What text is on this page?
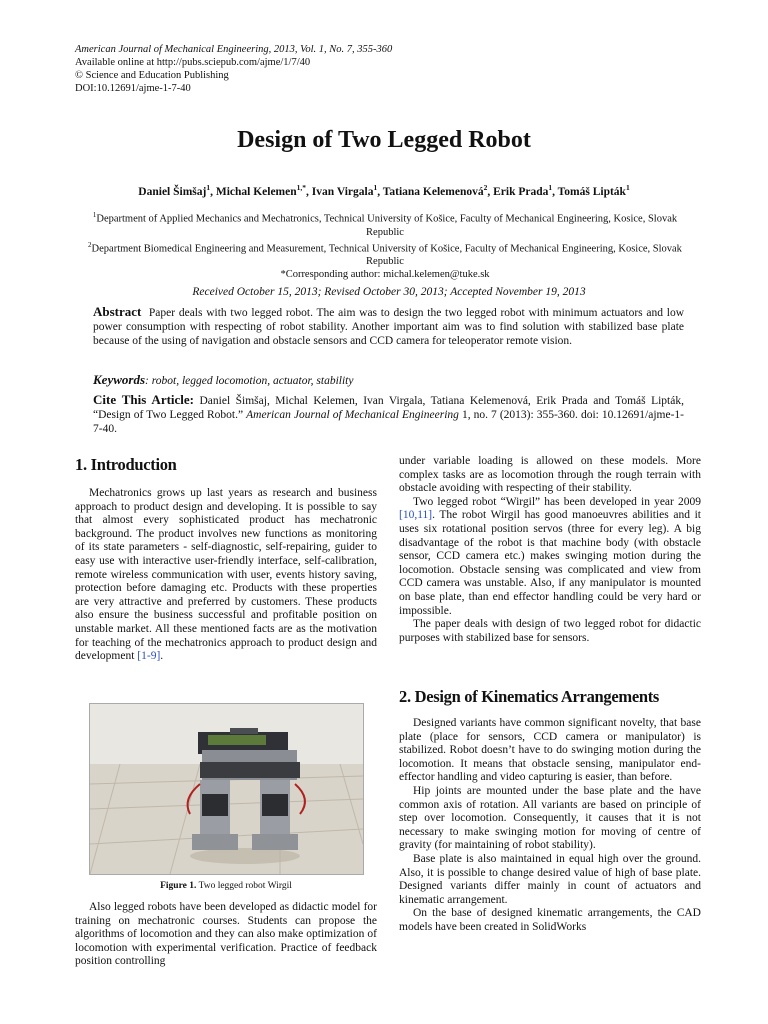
American Journal of Mechanical Engineering, 2013, Vol. 1, No. 7, 355-360
Available online at http://pubs.sciepub.com/ajme/1/7/40
© Science and Education Publishing
DOI:10.12691/ajme-1-7-40
Design of Two Legged Robot
Daniel Šimšaj$^1$, Michal Kelemen$^{1,*}$, Ivan Virgala$^1$, Tatiana Kelemenová$^2$, Erik Prada$^1$, Tomáš Lipták$^1$
$^1$Department of Applied Mechanics and Mechatronics, Technical University of Košice, Faculty of Mechanical Engineering, Kosice, Slovak Republic
$^2$Department Biomedical Engineering and Measurement, Technical University of Košice, Faculty of Mechanical Engineering, Kosice, Slovak Republic
*Corresponding author: michal.kelemen@tuke.sk
Received October 15, 2013; Revised October 30, 2013; Accepted November 19, 2013
Abstract Paper deals with two legged robot. The aim was to design the two legged robot with minimum actuators and low power consumption with respecting of robot stability. Another important aim was to find solution with stabilized base plate because of the using of navigation and obstacle sensors and CCD camera for teleoperator remote vision.
Keywords: robot, legged locomotion, actuator, stability
Cite This Article: Daniel Šimšaj, Michal Kelemen, Ivan Virgala, Tatiana Kelemenová, Erik Prada and Tomáš Lipták, “Design of Two Legged Robot.” American Journal of Mechanical Engineering 1, no. 7 (2013): 355-360. doi: 10.12691/ajme-1-7-40.
1. Introduction

Mechatronics grows up last years as research and business approach to product design and developing. It is possible to say that almost every sophisticated product has mechatronic background. The product involves new functions as monitoring of its state parameters - self-diagnostic, self-repairing, guider to easy use with interactive user-friendly interface, self-calibration, remote wireless communication with user, events history saving, protection before damaging etc. Products with these properties are very attractive and preferred by customers. These products also ensure the business successful and profitable position on unstable market. All these mentioned facts are as the motivation for teaching of the mechatronics approach to product design and development [1-9].

Figure 1. Two legged robot Wirgil

Also legged robots have been developed as didactic model for training on mechatronic courses. Students can propose the algorithms of locomotion and they can also make optimization of locomotion with experimental verification. Practice of feedback position controlling

under variable loading is allowed on these models. More complex tasks are as locomotion through the rough terrain with obstacle avoiding with respecting of their stability.

Two legged robot “Wirgil” has been developed in year 2009 [10,11]. The robot Wirgil has good manoeuvres abilities and it uses six rotational position servos (three for every leg). A big disadvantage of the robot is that machine body (with obstacle sensor, CCD camera etc.) makes swinging motion during the locomotion. Obstacle sensing was complicated and view from CCD camera was unstable. Also, if any manipulator is mounted on base plate, than end effector handling could be very hard or impossible.

The paper deals with design of two legged robot for didactic purposes with stabilized base for sensors.

2. Design of Kinematics Arrangements

Designed variants have common significant novelty, that base plate (place for sensors, CCD camera or manipulator) is stabilized. Robot doesn’t have to do swinging motion during the locomotion. It means that obstacle sensing, manipulator end-effector handling and video capturing is easier, than before.

Hip joints are mounted under the base plate and the have common axis of rotation. All variants are based on principle of step over locomotion. Consequently, it causes that it is not necessary to make swinging motion for moving of centre of gravity (for maintaining of robot stability).

Base plate is also maintained in equal high over the ground. Also, it is possible to change desired value of high of base plate. Designed variants differ mainly in count of actuators and kinematic arrangement.

On the base of designed kinematic arrangements, the CAD models have been created in SolidWorks
